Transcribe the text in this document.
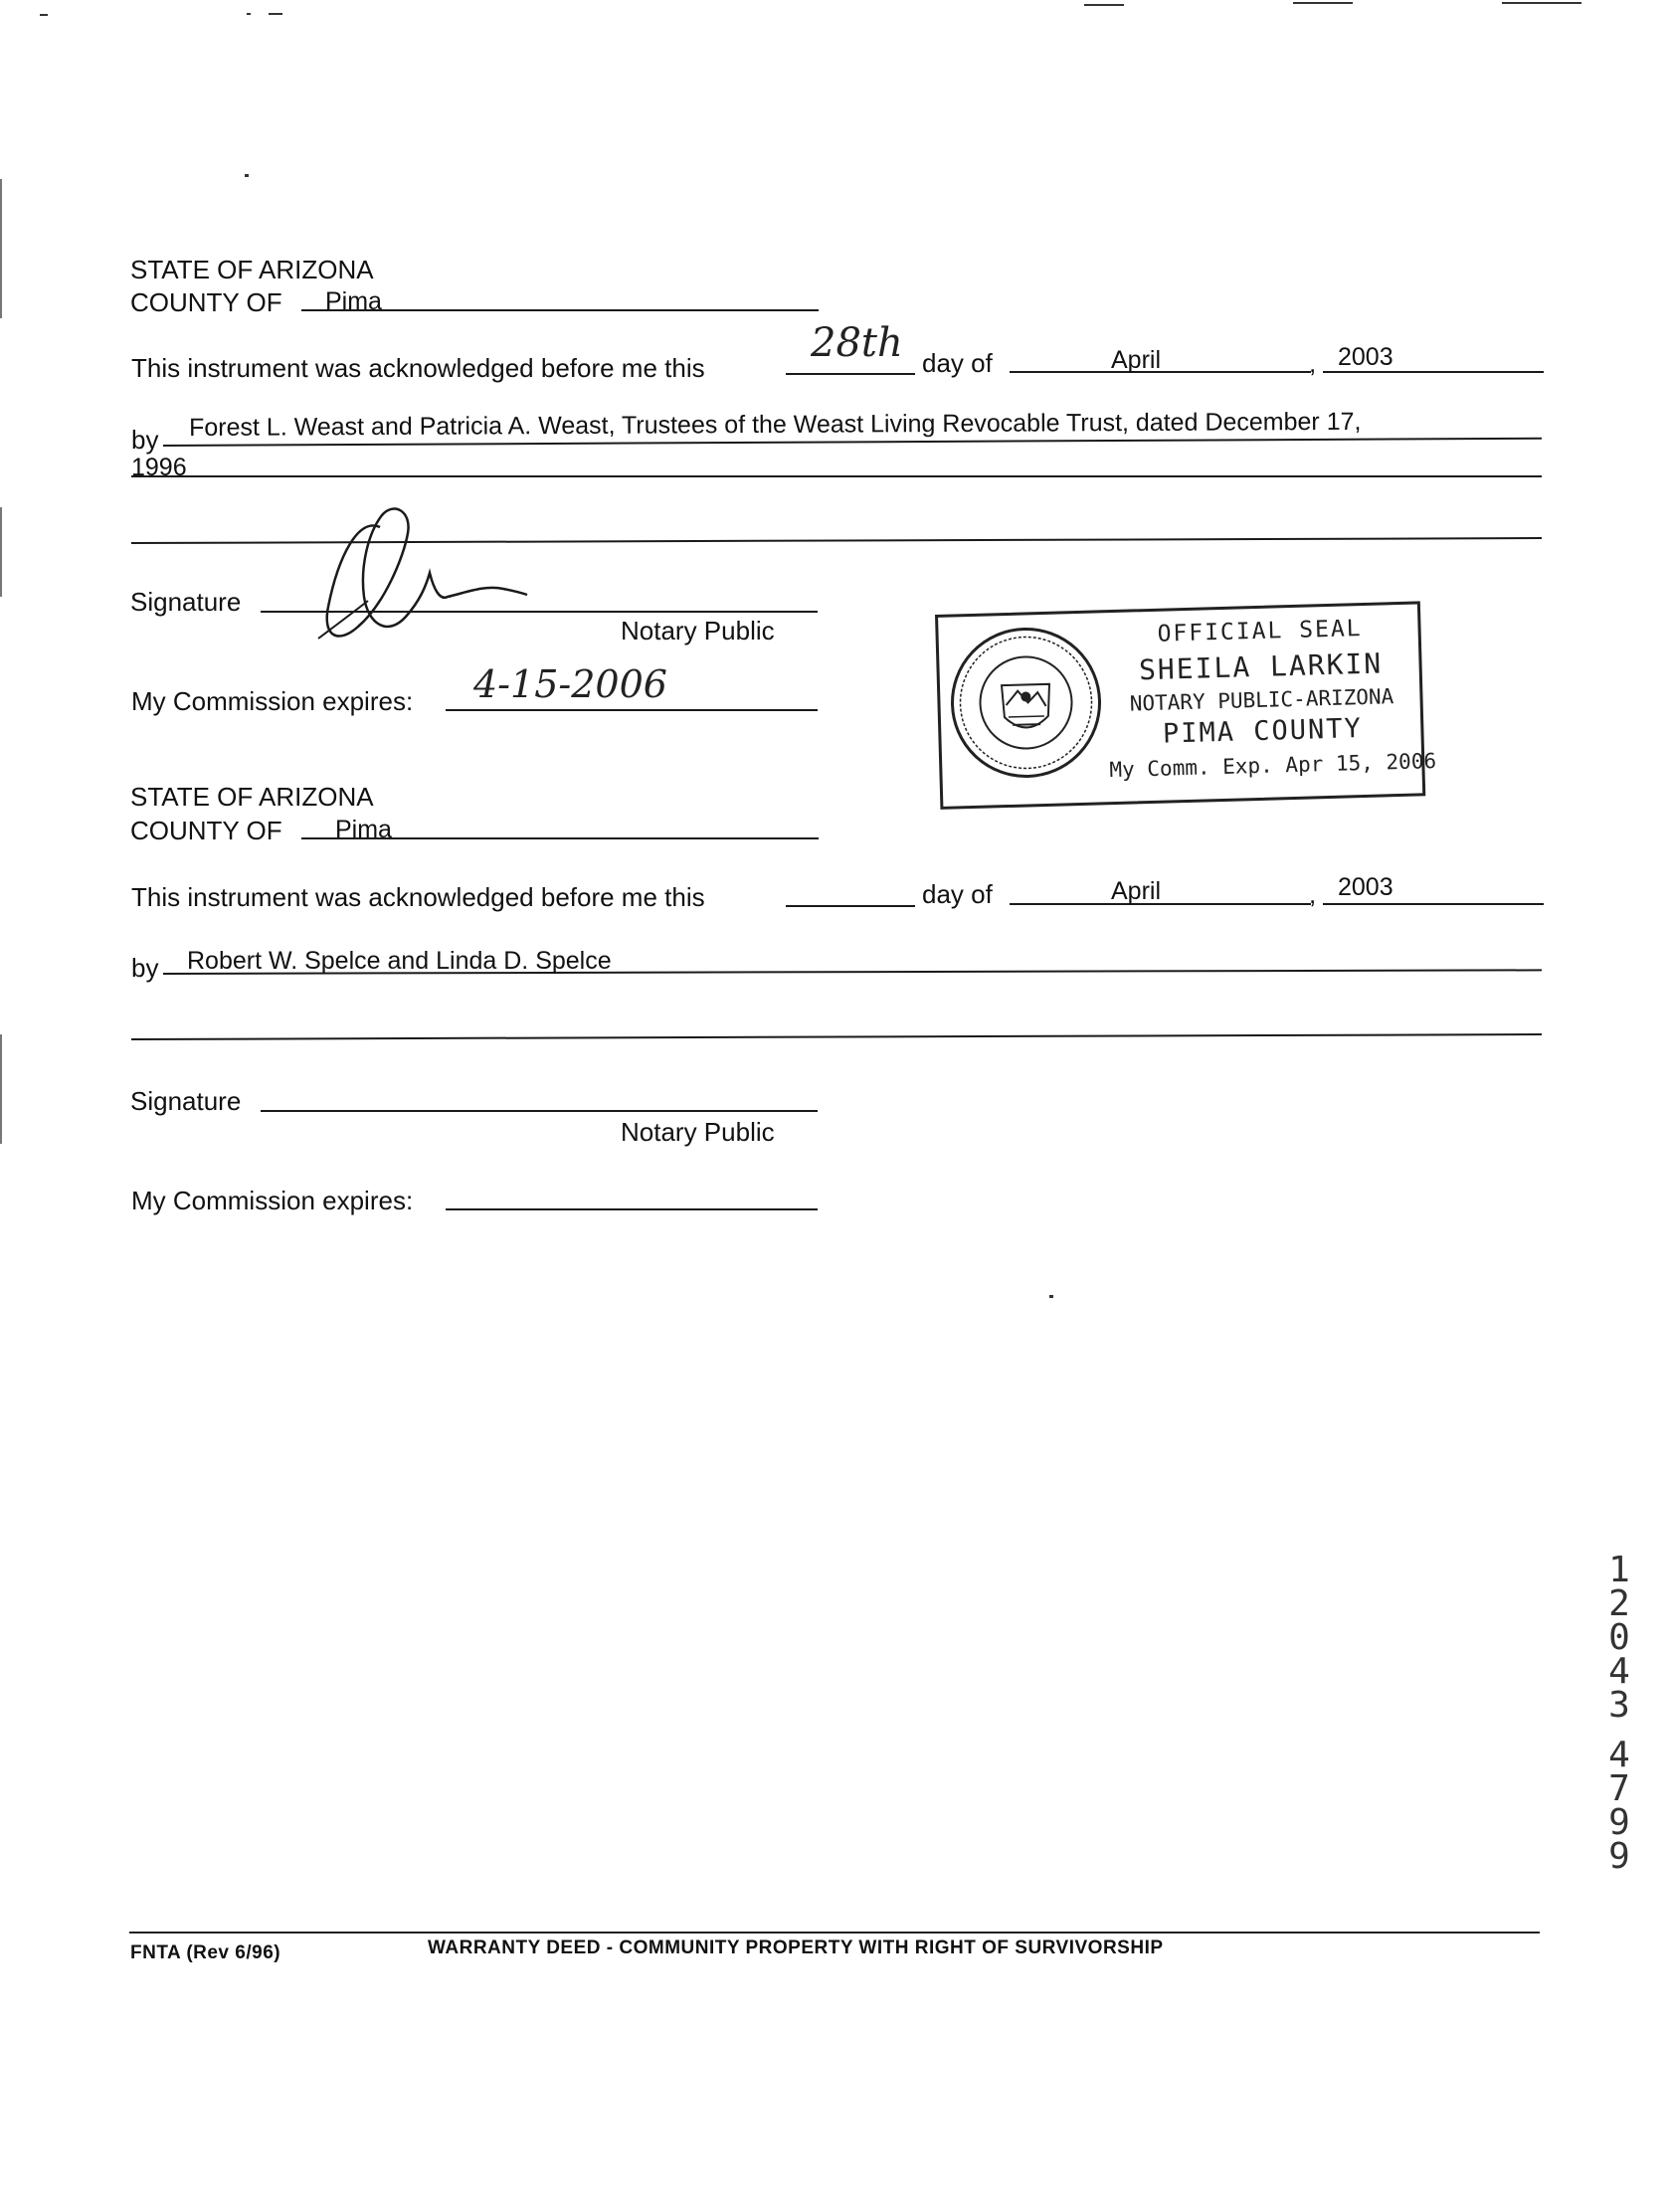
STATE OF ARIZONA
COUNTY OF Pima
This instrument was acknowledged before me this
28th day of	April	, 2003
by Forest L. Weast and Patricia A. Weast, Trustees of the Weast Living Revocable Trust, dated December 17,
1996
Signature
Notary Public
My Commission expires: 4-15-2006
OFFICIAL SEAL
SHEILA LARKIN
NOTARY PUBLIC-ARIZONA
PIMA COUNTY
My Comm. Exp. Apr 15, 2006
STATE OF ARIZONA
COUNTY OF Pima
This instrument was acknowledged before me this	day of	April	, 2003
by Robert W. Spelce and Linda D. Spelce
Signature
Notary Public
My Commission expires:
1
2
0
4
3
4
7
9
9
FNTA (Rev 6/96)	WARRANTY DEED - COMMUNITY PROPERTY WITH RIGHT OF SURVIVORSHIP
